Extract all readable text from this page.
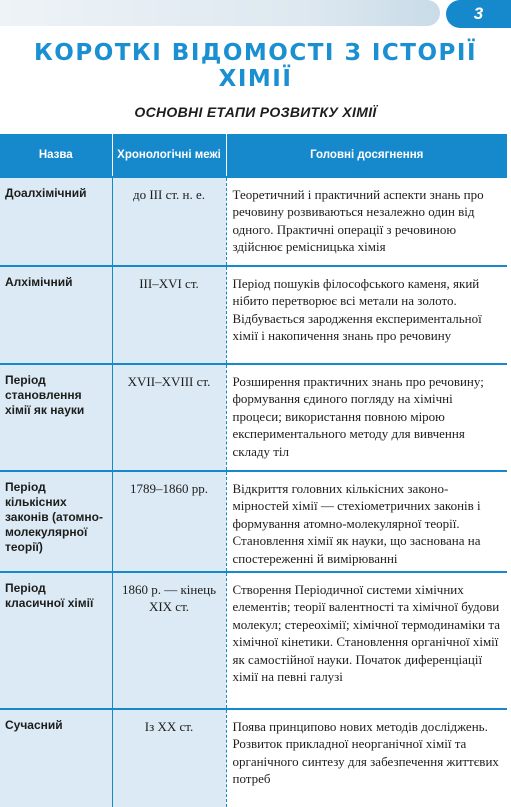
3
КОРОТКІ ВІДОМОСТІ З ІСТОРІЇ ХІМІЇ
ОСНОВНІ ЕТАПИ РОЗВИТКУ ХІМІЇ
Назва	Хронологічні межі	Головні досягнення
Доалхімічний	до III ст. н. е.	Теоретичний і практичний аспекти знань про речовину розвиваються незалежно один від одного. Практичні операції з речовиною здійснює ремісницька хімія
Алхімічний	III–XVI ст.	Період пошуків філософського каменя, який нібито перетворює всі метали на золото. Відбувається зародження експериментальної хімії і накопичення знань про речовину
Період становлення хімії як науки	XVII–XVIII ст.	Розширення практичних знань про речовину; формування єдиного погляду на хімічні процеси; використання повною мірою експериментального методу для вивчення складу тіл
Період кількісних законів (атомно-молекулярної теорії)	1789–1860 рр.	Відкриття головних кількісних законо-мірностей хімії — стехіометричних законів і формування атомно-молекулярної теорії. Становлення хімії як науки, що заснована на спостереженні й вимірюванні
Період класичної хімії	1860 р. — кінець XIX ст.	Створення Періодичної системи хімічних елементів; теорії валентності та хімічної будови молекул; стереохімії; хімічної термодинаміки та хімічної кінетики. Становлення органічної хімії як самостійної науки. Початок диференціації хімії на певні галузі
Сучасний	Із XX ст.	Поява принципово нових методів досліджень. Розвиток прикладної неорганічної хімії та органічного синтезу для забезпечення життєвих потреб
